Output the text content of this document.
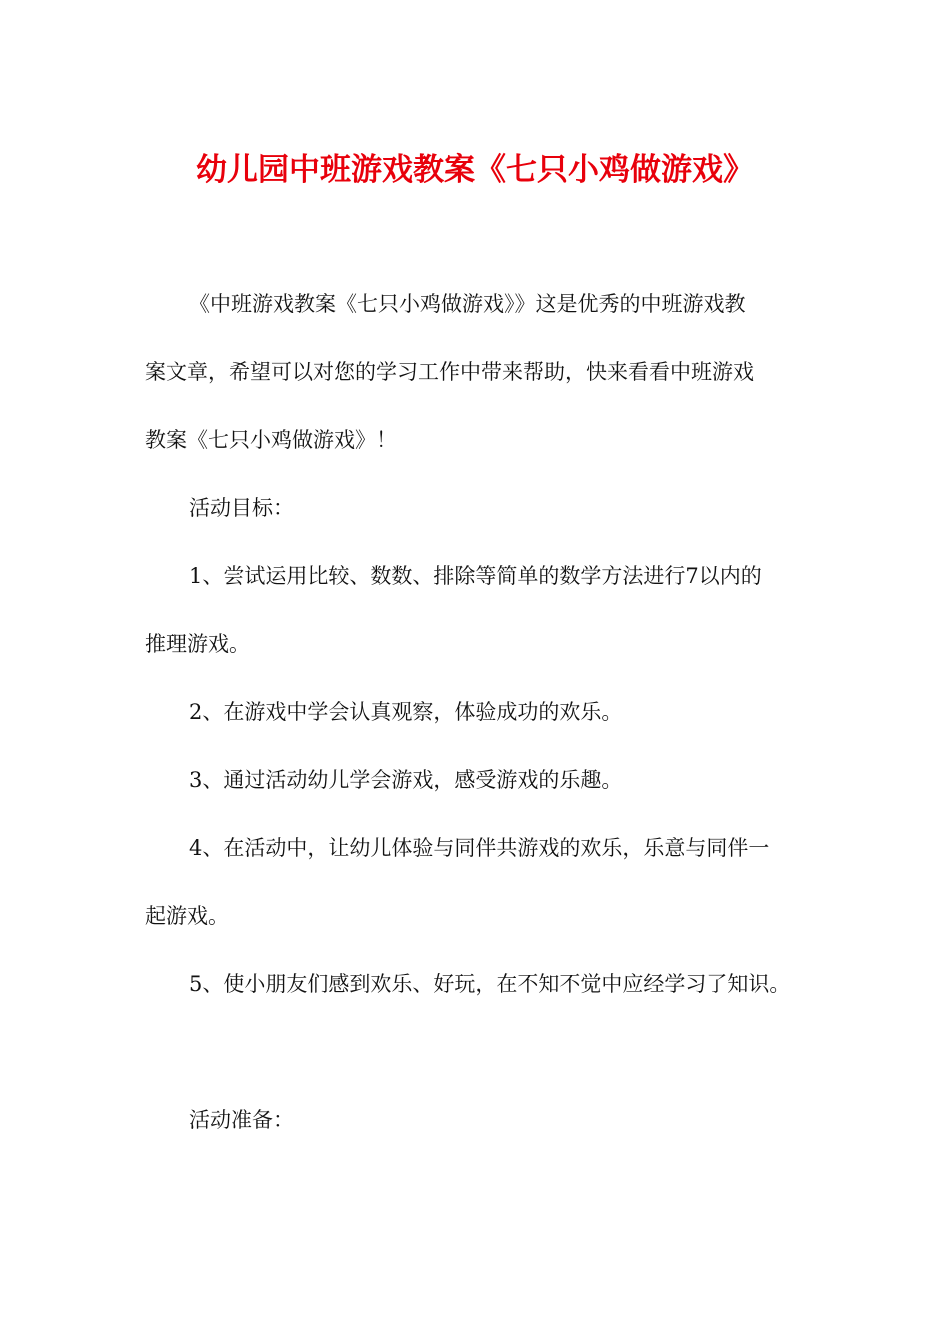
幼儿园中班游戏教案《七只小鸡做游戏》
《中班游戏教案《七只小鸡做游戏》》这是优秀的中班游戏教
案文章，希望可以对您的学习工作中带来帮助，快来看看中班游戏
教案《七只小鸡做游戏》！
活动目标：
1、尝试运用比较、数数、排除等简单的数学方法进行7以内的
推理游戏。
2、在游戏中学会认真观察，体验成功的欢乐。
3、通过活动幼儿学会游戏，感受游戏的乐趣。
4、在活动中，让幼儿体验与同伴共游戏的欢乐，乐意与同伴一
起游戏。
5、使小朋友们感到欢乐、好玩，在不知不觉中应经学习了知识。
活动准备：
